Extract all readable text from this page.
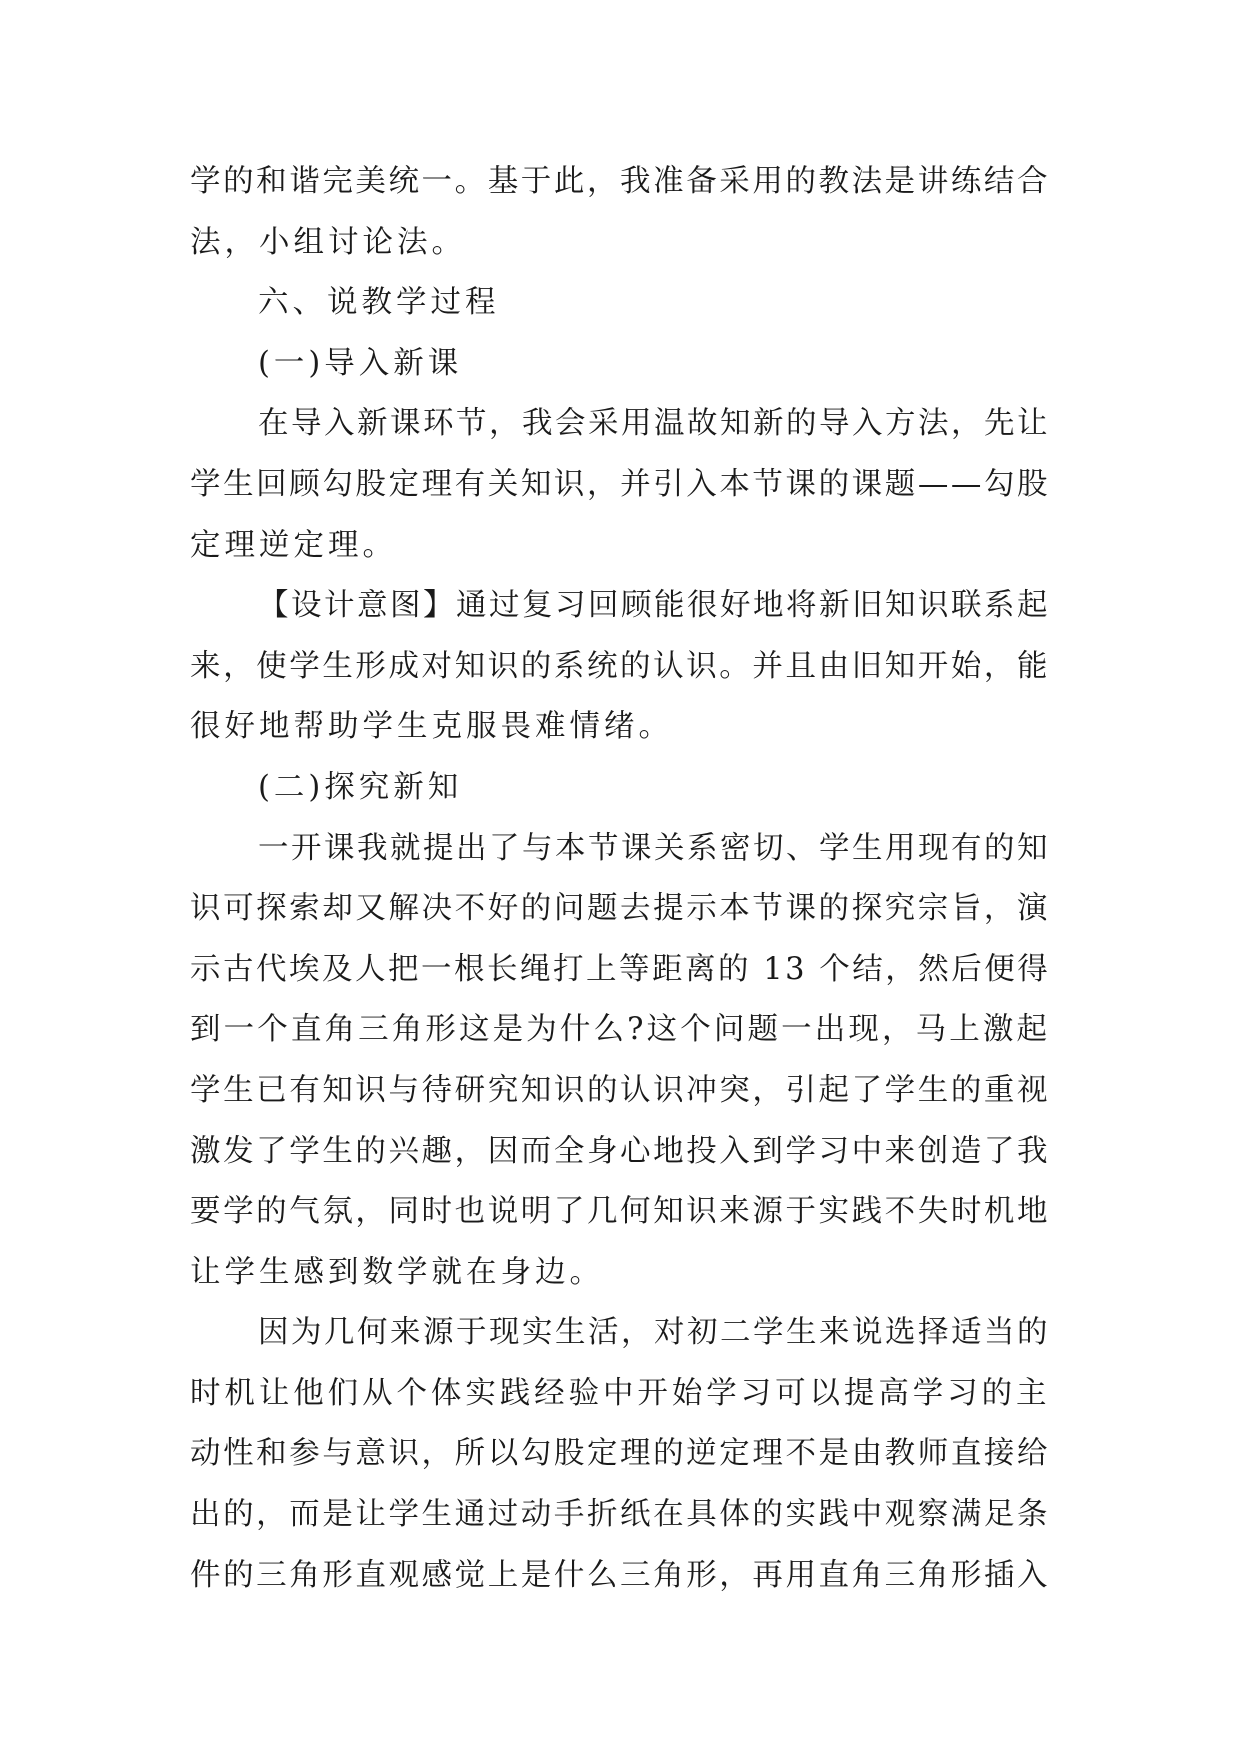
学的和谐完美统一。基于此，我准备采用的教法是讲练结合
法，小组讨论法。
六、说教学过程
(一)导入新课
在导入新课环节，我会采用温故知新的导入方法，先让
学生回顾勾股定理有关知识，并引入本节课的课题——勾股
定理逆定理。
【设计意图】通过复习回顾能很好地将新旧知识联系起
来，使学生形成对知识的系统的认识。并且由旧知开始，能
很好地帮助学生克服畏难情绪。
(二)探究新知
一开课我就提出了与本节课关系密切、学生用现有的知
识可探索却又解决不好的问题去提示本节课的探究宗旨，演
示古代埃及人把一根长绳打上等距离的 13 个结，然后便得
到一个直角三角形这是为什么?这个问题一出现，马上激起
学生已有知识与待研究知识的认识冲突，引起了学生的重视
激发了学生的兴趣，因而全身心地投入到学习中来创造了我
要学的气氛，同时也说明了几何知识来源于实践不失时机地
让学生感到数学就在身边。
因为几何来源于现实生活，对初二学生来说选择适当的
时机让他们从个体实践经验中开始学习可以提高学习的主
动性和参与意识，所以勾股定理的逆定理不是由教师直接给
出的，而是让学生通过动手折纸在具体的实践中观察满足条
件的三角形直观感觉上是什么三角形，再用直角三角形插入
